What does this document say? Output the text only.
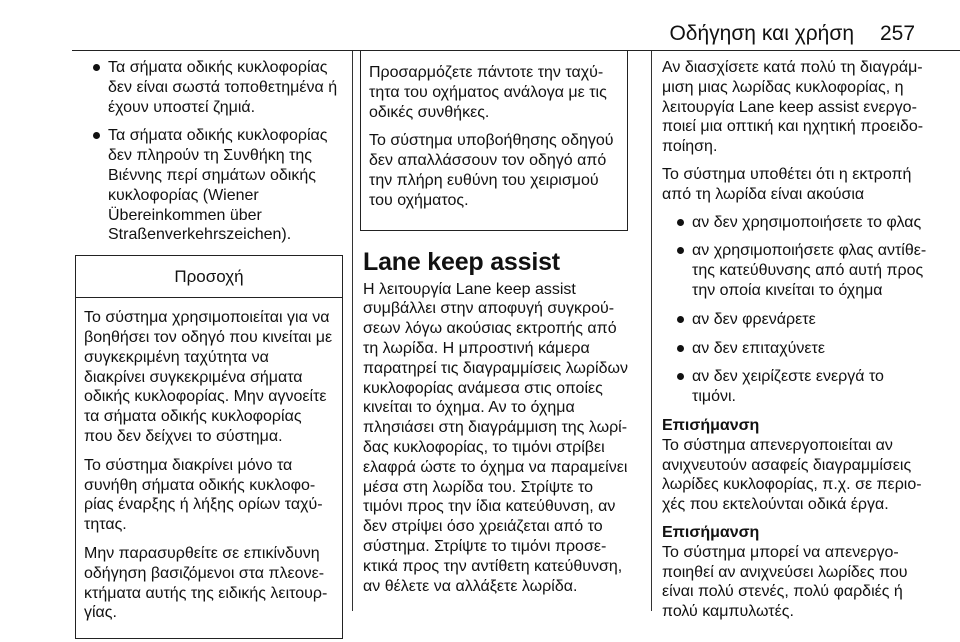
Οδήγηση και χρήση 257
Τα σήματα οδικής κυκλοφορίας δεν είναι σωστά τοποθετημένα ή έχουν υποστεί ζημιά.
Τα σήματα οδικής κυκλοφορίας δεν πληρούν τη Συνθήκη της Βιέννης περί σημάτων οδικής κυκλοφορίας (Wiener Übereinkommen über Straßenverkehrszeichen).
Προσοχή

Το σύστημα χρησιμοποιείται για να βοηθήσει τον οδηγό που κινείται με συγκεκριμένη ταχύτητα να διακρίνει συγκεκριμένα σήματα οδικής κυκλοφορίας. Μην αγνοείτε τα σήματα οδικής κυκλοφορίας που δεν δείχνει το σύστημα.

Το σύστημα διακρίνει μόνο τα συνήθη σήματα οδικής κυκλοφορίας έναρξης ή λήξης ορίων ταχύτητας.

Μην παρασυρθείτε σε επικίνδυνη οδήγηση βασιζόμενοι στα πλεονεκτήματα αυτής της ειδικής λειτουργίας.

Προσαρμόζετε πάντοτε την ταχύτητα του οχήματος ανάλογα με τις οδικές συνθήκες.

Το σύστημα υποβοήθησης οδηγού δεν απαλλάσσουν τον οδηγό από την πλήρη ευθύνη του χειρισμού του οχήματος.

Lane keep assist

Η λειτουργία Lane keep assist συμβάλλει στην αποφυγή συγκρούσεων λόγω ακούσιας εκτροπής από τη λωρίδα. Η μπροστινή κάμερα παρατηρεί τις διαγραμμίσεις λωρίδων κυκλοφορίας ανάμεσα στις οποίες κινείται το όχημα. Αν το όχημα πλησιάσει στη διαγράμμιση της λωρίδας κυκλοφορίας, το τιμόνι στρίβει ελαφρά ώστε το όχημα να παραμείνει μέσα στη λωρίδα του. Στρίψτε το τιμόνι προς την ίδια κατεύθυνση, αν δεν στρίψει όσο χρειάζεται από το σύστημα. Στρίψτε το τιμόνι προσεκτικά προς την αντίθετη κατεύθυνση, αν θέλετε να αλλάξετε λωρίδα.

Αν διασχίσετε κατά πολύ τη διαγράμμιση μιας λωρίδας κυκλοφορίας, η λειτουργία Lane keep assist ενεργοποιεί μια οπτική και ηχητική προειδοποίηση.

Το σύστημα υποθέτει ότι η εκτροπή από τη λωρίδα είναι ακούσια

αν δεν χρησιμοποιήσετε το φλας
αν χρησιμοποιήσετε φλας αντίθετης κατεύθυνσης από αυτή προς την οποία κινείται το όχημα
αν δεν φρενάρετε
αν δεν επιταχύνετε
αν δεν χειρίζεστε ενεργά το τιμόνι.

Επισήμανση
Το σύστημα απενεργοποιείται αν ανιχνευτούν ασαφείς διαγραμμίσεις λωρίδες κυκλοφορίας, π.χ. σε περιοχές που εκτελούνται οδικά έργα.

Επισήμανση
Το σύστημα μπορεί να απενεργοποιηθεί αν ανιχνεύσει λωρίδες που είναι πολύ στενές, πολύ φαρδιές ή πολύ καμπυλωτές.
